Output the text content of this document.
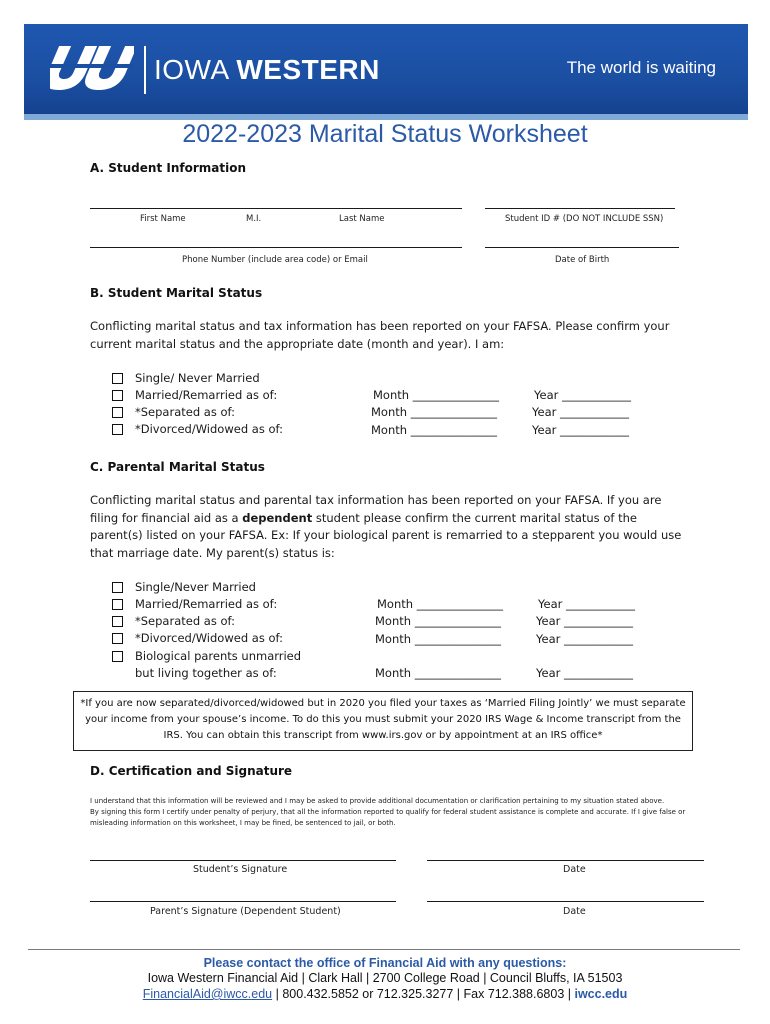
IOWA WESTERN	The world is waiting
2022-2023 Marital Status Worksheet
A. Student Information
First Name	M.I.	Last Name	Student ID # (DO NOT INCLUDE SSN)
Phone Number (include area code) or Email	Date of Birth
B. Student Marital Status
Conflicting marital status and tax information has been reported on your FAFSA. Please confirm your current marital status and the appropriate date (month and year). I am:
Single/ Never Married
Married/Remarried as of:	Month _______________	Year ____________
*Separated as of:	Month _______________	Year ____________
*Divorced/Widowed as of:	Month _______________	Year ____________
C. Parental Marital Status
Conflicting marital status and parental tax information has been reported on your FAFSA. If you are filing for financial aid as a dependent student please confirm the current marital status of the parent(s) listed on your FAFSA. Ex: If your biological parent is remarried to a stepparent you would use that marriage date. My parent(s) status is:
Single/Never Married
Married/Remarried as of:	Month _______________	Year ____________
*Separated as of:	Month _______________	Year ____________
*Divorced/Widowed as of:	Month _______________	Year ____________
Biological parents unmarried
but living together as of:	Month _______________	Year ____________
*If you are now separated/divorced/widowed but in 2020 you filed your taxes as ‘Married Filing Jointly’ we must separate your income from your spouse’s income. To do this you must submit your 2020 IRS Wage & Income transcript from the IRS. You can obtain this transcript from www.irs.gov or by appointment at an IRS office*
D. Certification and Signature
I understand that this information will be reviewed and I may be asked to provide additional documentation or clarification pertaining to my situation stated above.
By signing this form I certify under penalty of perjury, that all the information reported to qualify for federal student assistance is complete and accurate. If I give false or misleading information on this worksheet, I may be fined, be sentenced to jail, or both.
Student’s Signature	Date
Parent’s Signature (Dependent Student)	Date
Please contact the office of Financial Aid with any questions:
Iowa Western Financial Aid | Clark Hall | 2700 College Road | Council Bluffs, IA 51503
FinancialAid@iwcc.edu | 800.432.5852 or 712.325.3277 | Fax 712.388.6803 | iwcc.edu
